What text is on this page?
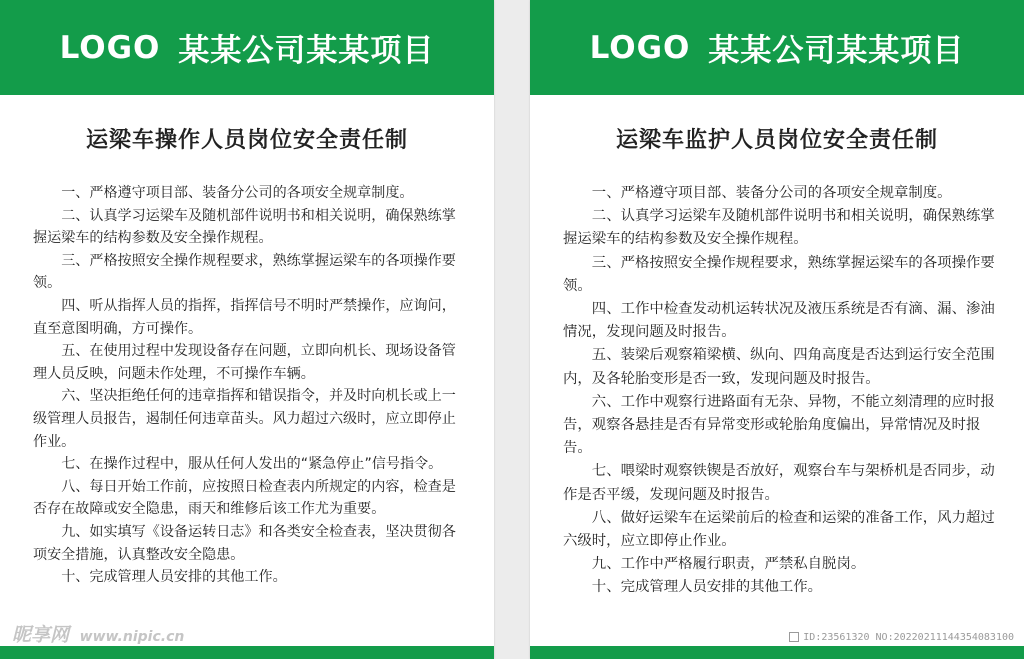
LOGO 某某公司某某项目
运梁车操作人员岗位安全责任制

一、严格遵守项目部、装备分公司的各项安全规章制度。

二、认真学习运梁车及随机部件说明书和相关说明，确保熟练掌握运梁车的结构参数及安全操作规程。

三、严格按照安全操作规程要求，熟练掌握运梁车的各项操作要领。

四、听从指挥人员的指挥，指挥信号不明时严禁操作，应询问，直至意图明确，方可操作。

五、在使用过程中发现设备存在问题，立即向机长、现场设备管理人员反映，问题未作处理，不可操作车辆。

六、坚决拒绝任何的违章指挥和错误指令，并及时向机长或上一级管理人员报告，遏制任何违章苗头。风力超过六级时，应立即停止作业。

七、在操作过程中，服从任何人发出的“紧急停止”信号指令。

八、每日开始工作前，应按照日检查表内所规定的内容，检查是否存在故障或安全隐患，雨天和维修后该工作尤为重要。

九、如实填写《设备运转日志》和各类安全检查表，坚决贯彻各项安全措施，认真整改安全隐患。

十、完成管理人员安排的其他工作。

昵享网 www.nipic.cn
LOGO 某某公司某某项目
运梁车监护人员岗位安全责任制

一、严格遵守项目部、装备分公司的各项安全规章制度。

二、认真学习运梁车及随机部件说明书和相关说明，确保熟练掌握运梁车的结构参数及安全操作规程。

三、严格按照安全操作规程要求，熟练掌握运梁车的各项操作要领。

四、工作中检查发动机运转状况及液压系统是否有滴、漏、渗油情况，发现问题及时报告。

五、装梁后观察箱梁横、纵向、四角高度是否达到运行安全范围内，及各轮胎变形是否一致，发现问题及时报告。

六、工作中观察行进路面有无杂、异物，不能立刻清理的应时报告，观察各悬挂是否有异常变形或轮胎角度偏出，异常情况及时报告。

七、喂梁时观察铁锲是否放好，观察台车与架桥机是否同步，动作是否平缓，发现问题及时报告。

八、做好运梁车在运梁前后的检查和运梁的准备工作，风力超过六级时，应立即停止作业。

九、工作中严格履行职责，严禁私自脱岗。

十、完成管理人员安排的其他工作。

ID:23561320 NO:20220211144354083100
